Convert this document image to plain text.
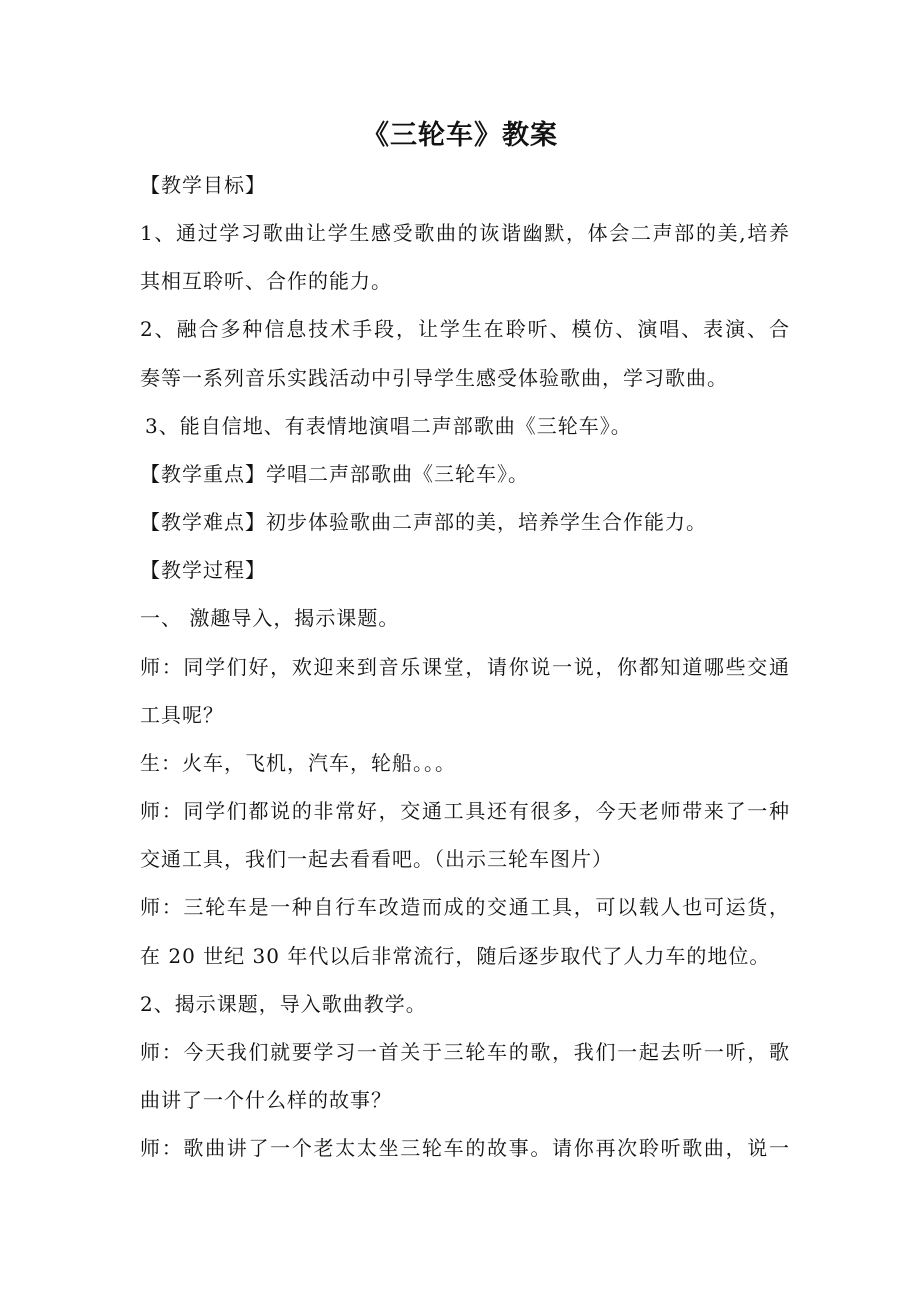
《三轮车》教案
【教学目标】
1、通过学习歌曲让学生感受歌曲的诙谐幽默，体会二声部的美,培养
其相互聆听、合作的能力。
2、融合多种信息技术手段，让学生在聆听、模仿、演唱、表演、合
奏等一系列音乐实践活动中引导学生感受体验歌曲，学习歌曲。
3、能自信地、有表情地演唱二声部歌曲《三轮车》。
【教学重点】学唱二声部歌曲《三轮车》。
【教学难点】初步体验歌曲二声部的美，培养学生合作能力。
【教学过程】
一、 激趣导入，揭示课题。
师：同学们好，欢迎来到音乐课堂，请你说一说，你都知道哪些交通
工具呢？
生：火车，飞机，汽车，轮船。。。
师：同学们都说的非常好，交通工具还有很多，今天老师带来了一种
交通工具，我们一起去看看吧。（出示三轮车图片）
师：三轮车是一种自行车改造而成的交通工具，可以载人也可运货，
在 20 世纪 30 年代以后非常流行，随后逐步取代了人力车的地位。
2、揭示课题，导入歌曲教学。
师：今天我们就要学习一首关于三轮车的歌，我们一起去听一听，歌
曲讲了一个什么样的故事？
师：歌曲讲了一个老太太坐三轮车的故事。请你再次聆听歌曲，说一
